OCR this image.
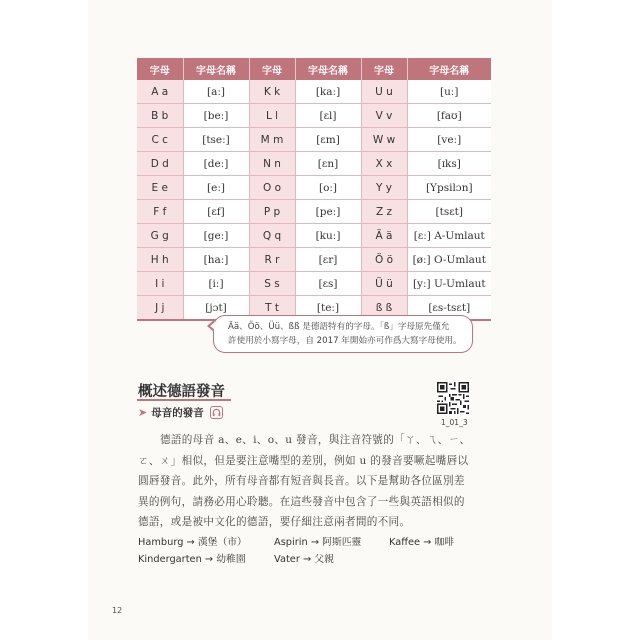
字母	字母名稱	字母	字母名稱	字母	字母名稱
A a	[aː]	K k	[kaː]	U u	[uː]
B b	[beː]	L l	[ɛl]	V v	[faʊ]
C c	[tseː]	M m	[ɛm]	W w	[veː]
D d	[deː]	N n	[ɛn]	X x	[ɪks]
E e	[eː]	O o	[oː]	Y y	[Ypsilɔn]
F f	[ɛf]	P p	[peː]	Z z	[tsɛt]
G g	[geː]	Q q	[kuː]	Ä ä	[ɛː] A-Umlaut
H h	[haː]	R r	[ɛr]	Ö ö	[øː] O-Umlaut
I i	[iː]	S s	[ɛs]	Ü ü	[yː] U-Umlaut
J j	[jɔt]	T t	[teː]	ß ß	[ɛs-tsɛt]
Ää、Öö、Üü、ßß 是德語特有的字母。「ß」字母原先僅允
許使用於小寫字母，自 2017 年開始亦可作爲大寫字母使用。
概述德語發音
1_01_3
➤ 母音的發音

德語的母音 a、e、i、o、u 發音，與注音符號的「ㄚ、ㄟ、ㄧ、ㄛ、ㄨ」相似，但是要注意嘴型的差別，例如 u 的發音要噘起嘴唇以圓唇發音。此外，所有母音都有短音與長音。以下是幫助各位區別差異的例句，請務必用心聆聽。在這些發音中包含了一些與英語相似的德語，或是被中文化的德語，要仔細注意兩者間的不同。

Hamburg → 漢堡（市）	Aspirin → 阿斯匹靈	Kaffee → 咖啡
Kindergarten → 幼稚園	Vater → 父親
12
